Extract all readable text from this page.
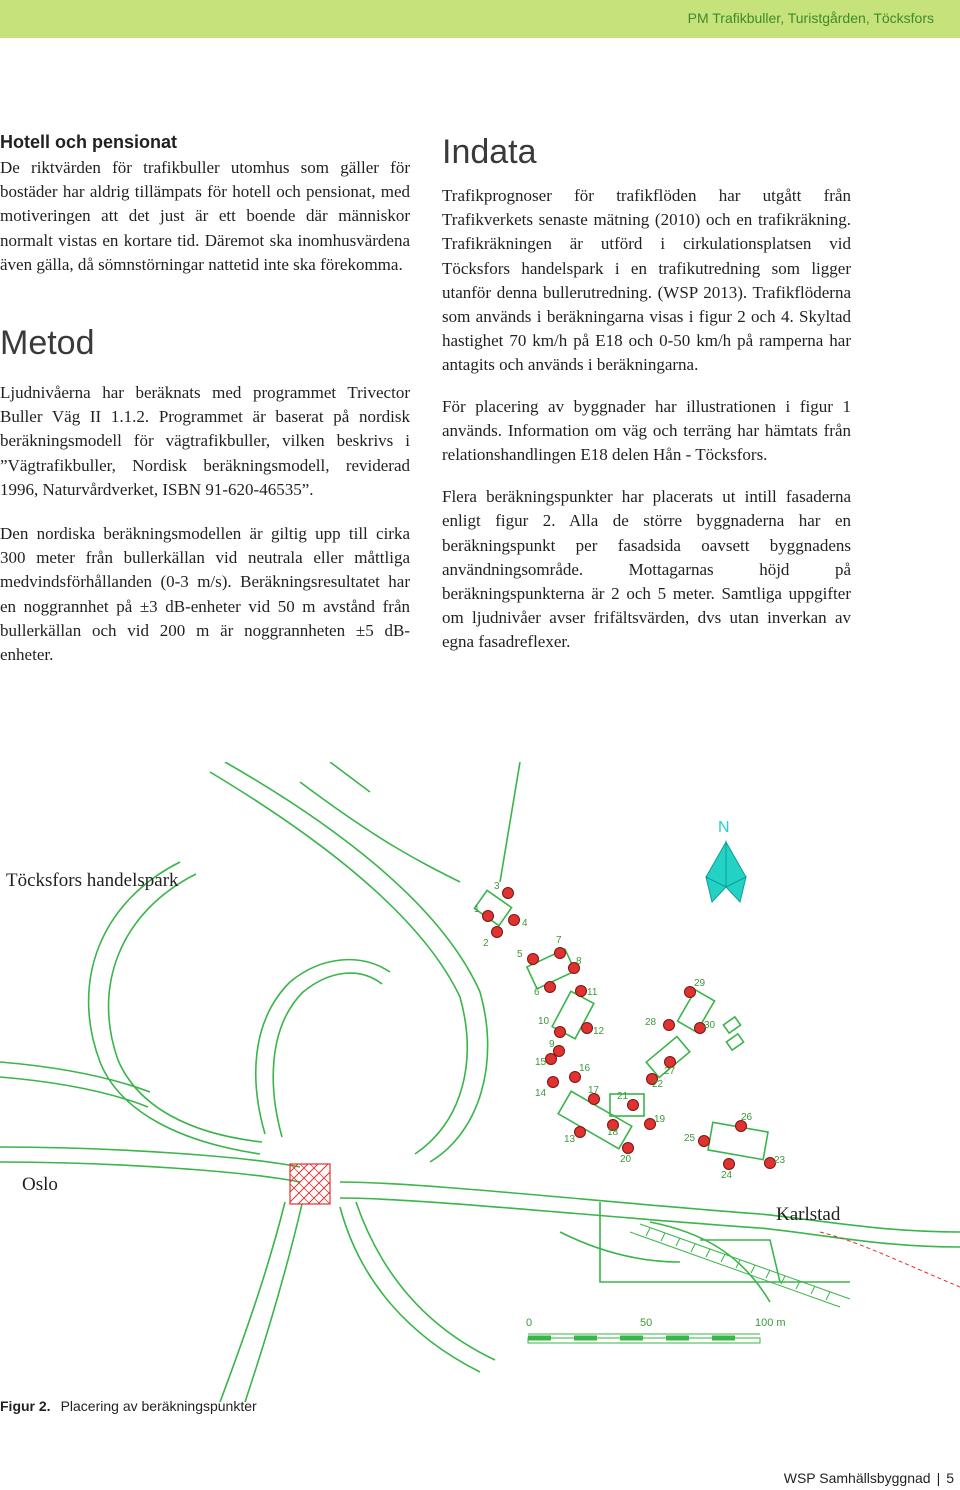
PM Trafikbuller, Turistgården, Töcksfors
Hotell och pensionat

De riktvärden för trafikbuller utomhus som gäller för bostäder har aldrig tillämpats för hotell och pensionat, med motiveringen att det just är ett boende där människor normalt vistas en kortare tid. Däremot ska inomhusvärdena även gälla, då sömnstörningar nattetid inte ska förekomma.

Metod

Ljudnivåerna har beräknats med programmet Trivector Buller Väg II 1.1.2. Programmet är baserat på nordisk beräkningsmodell för vägtrafikbuller, vilken beskrivs i ”Vägtrafikbuller, Nordisk beräkningsmodell, reviderad 1996, Naturvårdverket, ISBN 91-620-46535”.

Den nordiska beräkningsmodellen är giltig upp till cirka 300 meter från bullerkällan vid neutrala eller måttliga medvindsförhållanden (0-3 m/s). Beräkningsresultatet har en noggrannhet på ±3 dB-enheter vid 50 m avstånd från bullerkällan och vid 200 m är noggrannheten ±5 dB-enheter.

Indata

Trafikprognoser för trafikflöden har utgått från Trafikverkets senaste mätning (2010) och en trafikräkning. Trafikräkningen är utförd i cirkulationsplatsen vid Töcksfors handelspark i en trafikutredning som ligger utanför denna bullerutredning. (WSP 2013). Trafikflöderna som används i beräkningarna visas i figur 2 och 4. Skyltad hastighet 70 km/h på E18 och 0-50 km/h på ramperna har antagits och används i beräkningarna.

För placering av byggnader har illustrationen i figur 1 används. Information om väg och terräng har hämtats från relationshandlingen E18 delen Hån - Töcksfors.

Flera beräkningspunkter har placerats ut intill fasaderna enligt figur 2. Alla de större byggnaderna har en beräkningspunkt per fasadsida oavsett byggnadens användningsområde. Mottagarnas höjd på beräkningspunkterna är 2 och 5 meter. Samtliga uppgifter om ljudnivåer avser frifältsvärden, dvs utan inverkan av egna fasadreflexer.

N
Töcksfors handelspark
Oslo
Karlstad
0	50	100 m
1
2
3
4
5
6
7
8
9
10
11
12
13
14
15
16
17
18
19
20
21
22
23
24
25
26
27
28
29
30
Figur 2. Placering av beräkningspunkter
WSP Samhällsbyggnad | 5
